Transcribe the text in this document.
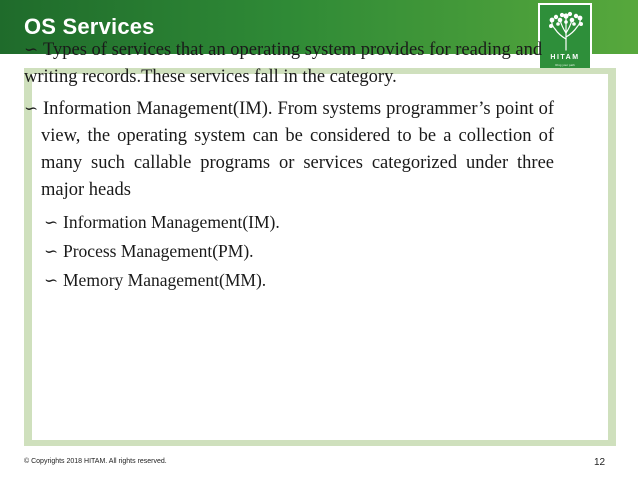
OS Services
HITAM
Ring your path

∽ Types of services that an operating system provides for reading and writing records.These services fall in the category.

∽ Information Management(IM). From systems programmer’s point of view, the operating system can be considered to be a collection of many such callable programs or services categorized under three major heads

∽ Information Management(IM).
∽ Process Management(PM).
∽ Memory Management(MM).
© Copyrights 2018 HITAM. All rights reserved.	12
